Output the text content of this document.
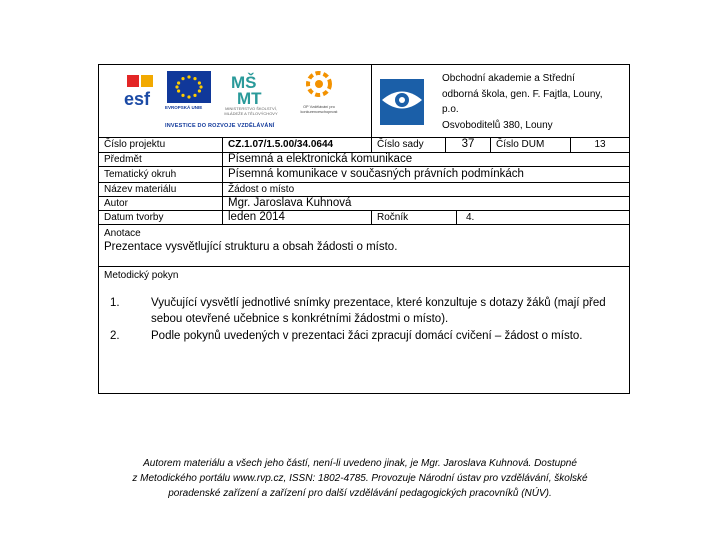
esf	EVROPSKÁ UNIE
MŠ
MT
MINISTERSTVO ŠKOLSTVÍ, MLÁDEŽE A TĚLOVÝCHOVY
OP Vzdělávání pro konkurenceschopnost
INVESTICE DO ROZVOJE VZDĚLÁVÁNÍ
Obchodní akademie a Střední
odborná škola, gen. F. Fajtla, Louny,
p.o.
Osvoboditelů 380, Louny
Číslo projektu	CZ.1.07/1.5.00/34.0644	Číslo sady	37	Číslo DUM	13
Předmět	Písemná a elektronická komunikace
Tematický okruh	Písemná komunikace v současných právních podmínkách
Název materiálu	Žádost o místo
Autor	Mgr. Jaroslava Kuhnová
Datum tvorby	leden 2014	Ročník	4.
Anotace
Prezentace vysvětlující strukturu a obsah žádosti o místo.
Metodický pokyn
1.	Vyučující vysvětlí jednotlivé snímky prezentace, které konzultuje s dotazy žáků (mají před sebou otevřené učebnice s konkrétními žádostmi o místo).
2.	Podle pokynů uvedených v prezentaci žáci zpracují domácí cvičení – žádost o místo.
Autorem materiálu a všech jeho částí, není-li uvedeno jinak, je Mgr. Jaroslava Kuhnová. Dostupné
z Metodického portálu www.rvp.cz, ISSN: 1802-4785. Provozuje Národní ústav pro vzdělávání, školské
poradenské zařízení a zařízení pro další vzdělávání pedagogických pracovníků (NÚV).
